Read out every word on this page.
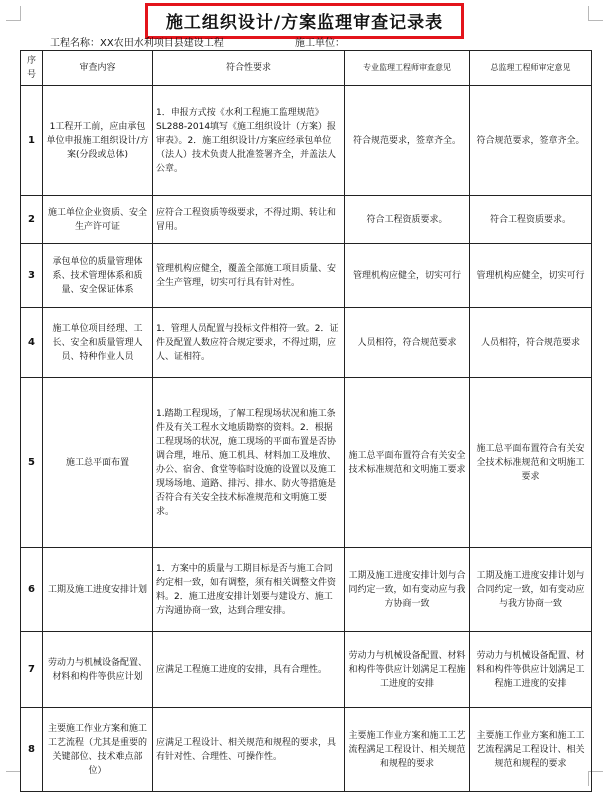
施工组织设计/方案监理审查记录表
工程名称：XX农田水利项目县建设工程	施工单位：
序号	审查内容	符合性要求	专业监理工程师审查意见	总监理工程师审定意见
1	1工程开工前，应由承包单位申报施工组织设计/方案(分段或总体)	1．申报方式按《水利工程施工监理规范》SL288-2014填写《施工组织设计（方案）报审表》。2．施工组织设计/方案应经承包单位（法人）技术负责人批准签署齐全，并盖法人公章。	符合规范要求，签章齐全。	符合规范要求，签章齐全。
2	施工单位企业资质、安全生产许可证	应符合工程资质等级要求，不得过期、转让和冒用。	符合工程资质要求。	符合工程资质要求。
3	承包单位的质量管理体系、技术管理体系和质量、安全保证体系	管理机构应健全，覆盖全部施工项目质量、安全生产管理，切实可行具有针对性。	管理机构应健全，切实可行	管理机构应健全，切实可行
4	施工单位项目经理、工长、安全和质量管理人员、特种作业人员	1．管理人员配置与投标文件相符一致。2．证件及配置人数应符合规定要求，不得过期，应人、证相符。	人员相符，符合规范要求	人员相符，符合规范要求
5	施工总平面布置	1.踏勘工程现场，了解工程现场状况和施工条件及有关工程水文地质勘察的资料。2．根据工程现场的状况，施工现场的平面布置是否协调合理，堆吊、施工机具、材料加工及堆放、办公、宿舍、食堂等临时设施的设置以及施工现场场地、道路、排污、排水、防火等措施是否符合有关安全技术标准规范和文明施工要求。	施工总平面布置符合有关安全技术标准规范和文明施工要求	施工总平面布置符合有关安全技术标准规范和文明施工要求
6	工期及施工进度安排计划	1．方案中的质量与工期目标是否与施工合同约定相一致，如有调整，须有相关调整文件资料。2．施工进度安排计划要与建设方、施工方沟通协商一致，达到合理安排。	工期及施工进度安排计划与合同约定一致，如有变动应与我方协商一致	工期及施工进度安排计划与合同约定一致，如有变动应与我方协商一致
7	劳动力与机械设备配置、材料和构件等供应计划	应满足工程施工进度的安排，具有合理性。	劳动力与机械设备配置、材料和构件等供应计划满足工程施工进度的安排	劳动力与机械设备配置、材料和构件等供应计划满足工程施工进度的安排
8	主要施工作业方案和施工工艺流程（尤其是重要的关键部位、技术难点部位）	应满足工程设计、相关规范和规程的要求，具有针对性、合理性、可操作性。	主要施工作业方案和施工工艺流程满足工程设计、相关规范和规程的要求	主要施工作业方案和施工工艺流程满足工程设计、相关规范和规程的要求
